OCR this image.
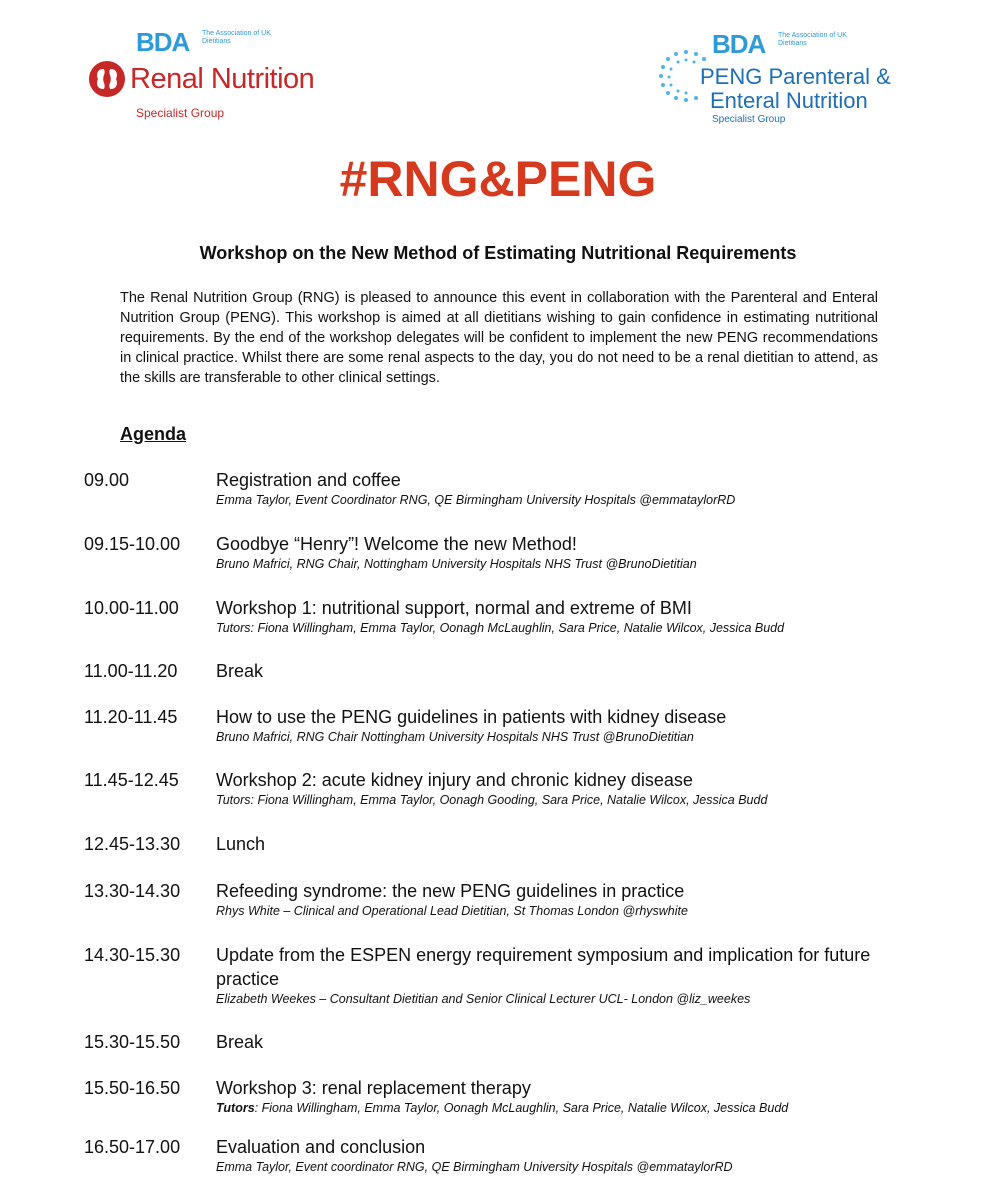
BDA The Association of UK Dietitians
Renal Nutrition
Specialist Group
BDA The Association of UK Dietitians
PENG Parenteral &
Enteral Nutrition
Specialist Group
#RNG&PENG
Workshop on the New Method of Estimating Nutritional Requirements
The Renal Nutrition Group (RNG) is pleased to announce this event in collaboration with the Parenteral and Enteral Nutrition Group (PENG). This workshop is aimed at all dietitians wishing to gain confidence in estimating nutritional requirements. By the end of the workshop delegates will be confident to implement the new PENG recommendations in clinical practice. Whilst there are some renal aspects to the day, you do not need to be a renal dietitian to attend, as the skills are transferable to other clinical settings.
Agenda
09.00	Registration and coffee
Emma Taylor, Event Coordinator RNG, QE Birmingham University Hospitals @emmataylorRD
09.15-10.00 Goodbye “Henry”! Welcome the new Method!
Bruno Mafrici, RNG Chair, Nottingham University Hospitals NHS Trust @BrunoDietitian
10.00-11.00 Workshop 1: nutritional support, normal and extreme of BMI
Tutors: Fiona Willingham, Emma Taylor, Oonagh McLaughlin, Sara Price, Natalie Wilcox, Jessica Budd
11.00-11.20 Break
11.20-11.45 How to use the PENG guidelines in patients with kidney disease
Bruno Mafrici, RNG Chair Nottingham University Hospitals NHS Trust @BrunoDietitian
11.45-12.45 Workshop 2: acute kidney injury and chronic kidney disease
Tutors: Fiona Willingham, Emma Taylor, Oonagh Gooding, Sara Price, Natalie Wilcox, Jessica Budd
12.45-13.30 Lunch
13.30-14.30 Refeeding syndrome: the new PENG guidelines in practice
Rhys White – Clinical and Operational Lead Dietitian, St Thomas London @rhyswhite
14.30-15.30 Update from the ESPEN energy requirement symposium and implication for future practice
Elizabeth Weekes – Consultant Dietitian and Senior Clinical Lecturer UCL- London @liz_weekes
15.30-15.50 Break
15.50-16.50 Workshop 3: renal replacement therapy
Tutors: Fiona Willingham, Emma Taylor, Oonagh McLaughlin, Sara Price, Natalie Wilcox, Jessica Budd
16.50-17.00 Evaluation and conclusion
Emma Taylor, Event coordinator RNG, QE Birmingham University Hospitals @emmataylorRD
